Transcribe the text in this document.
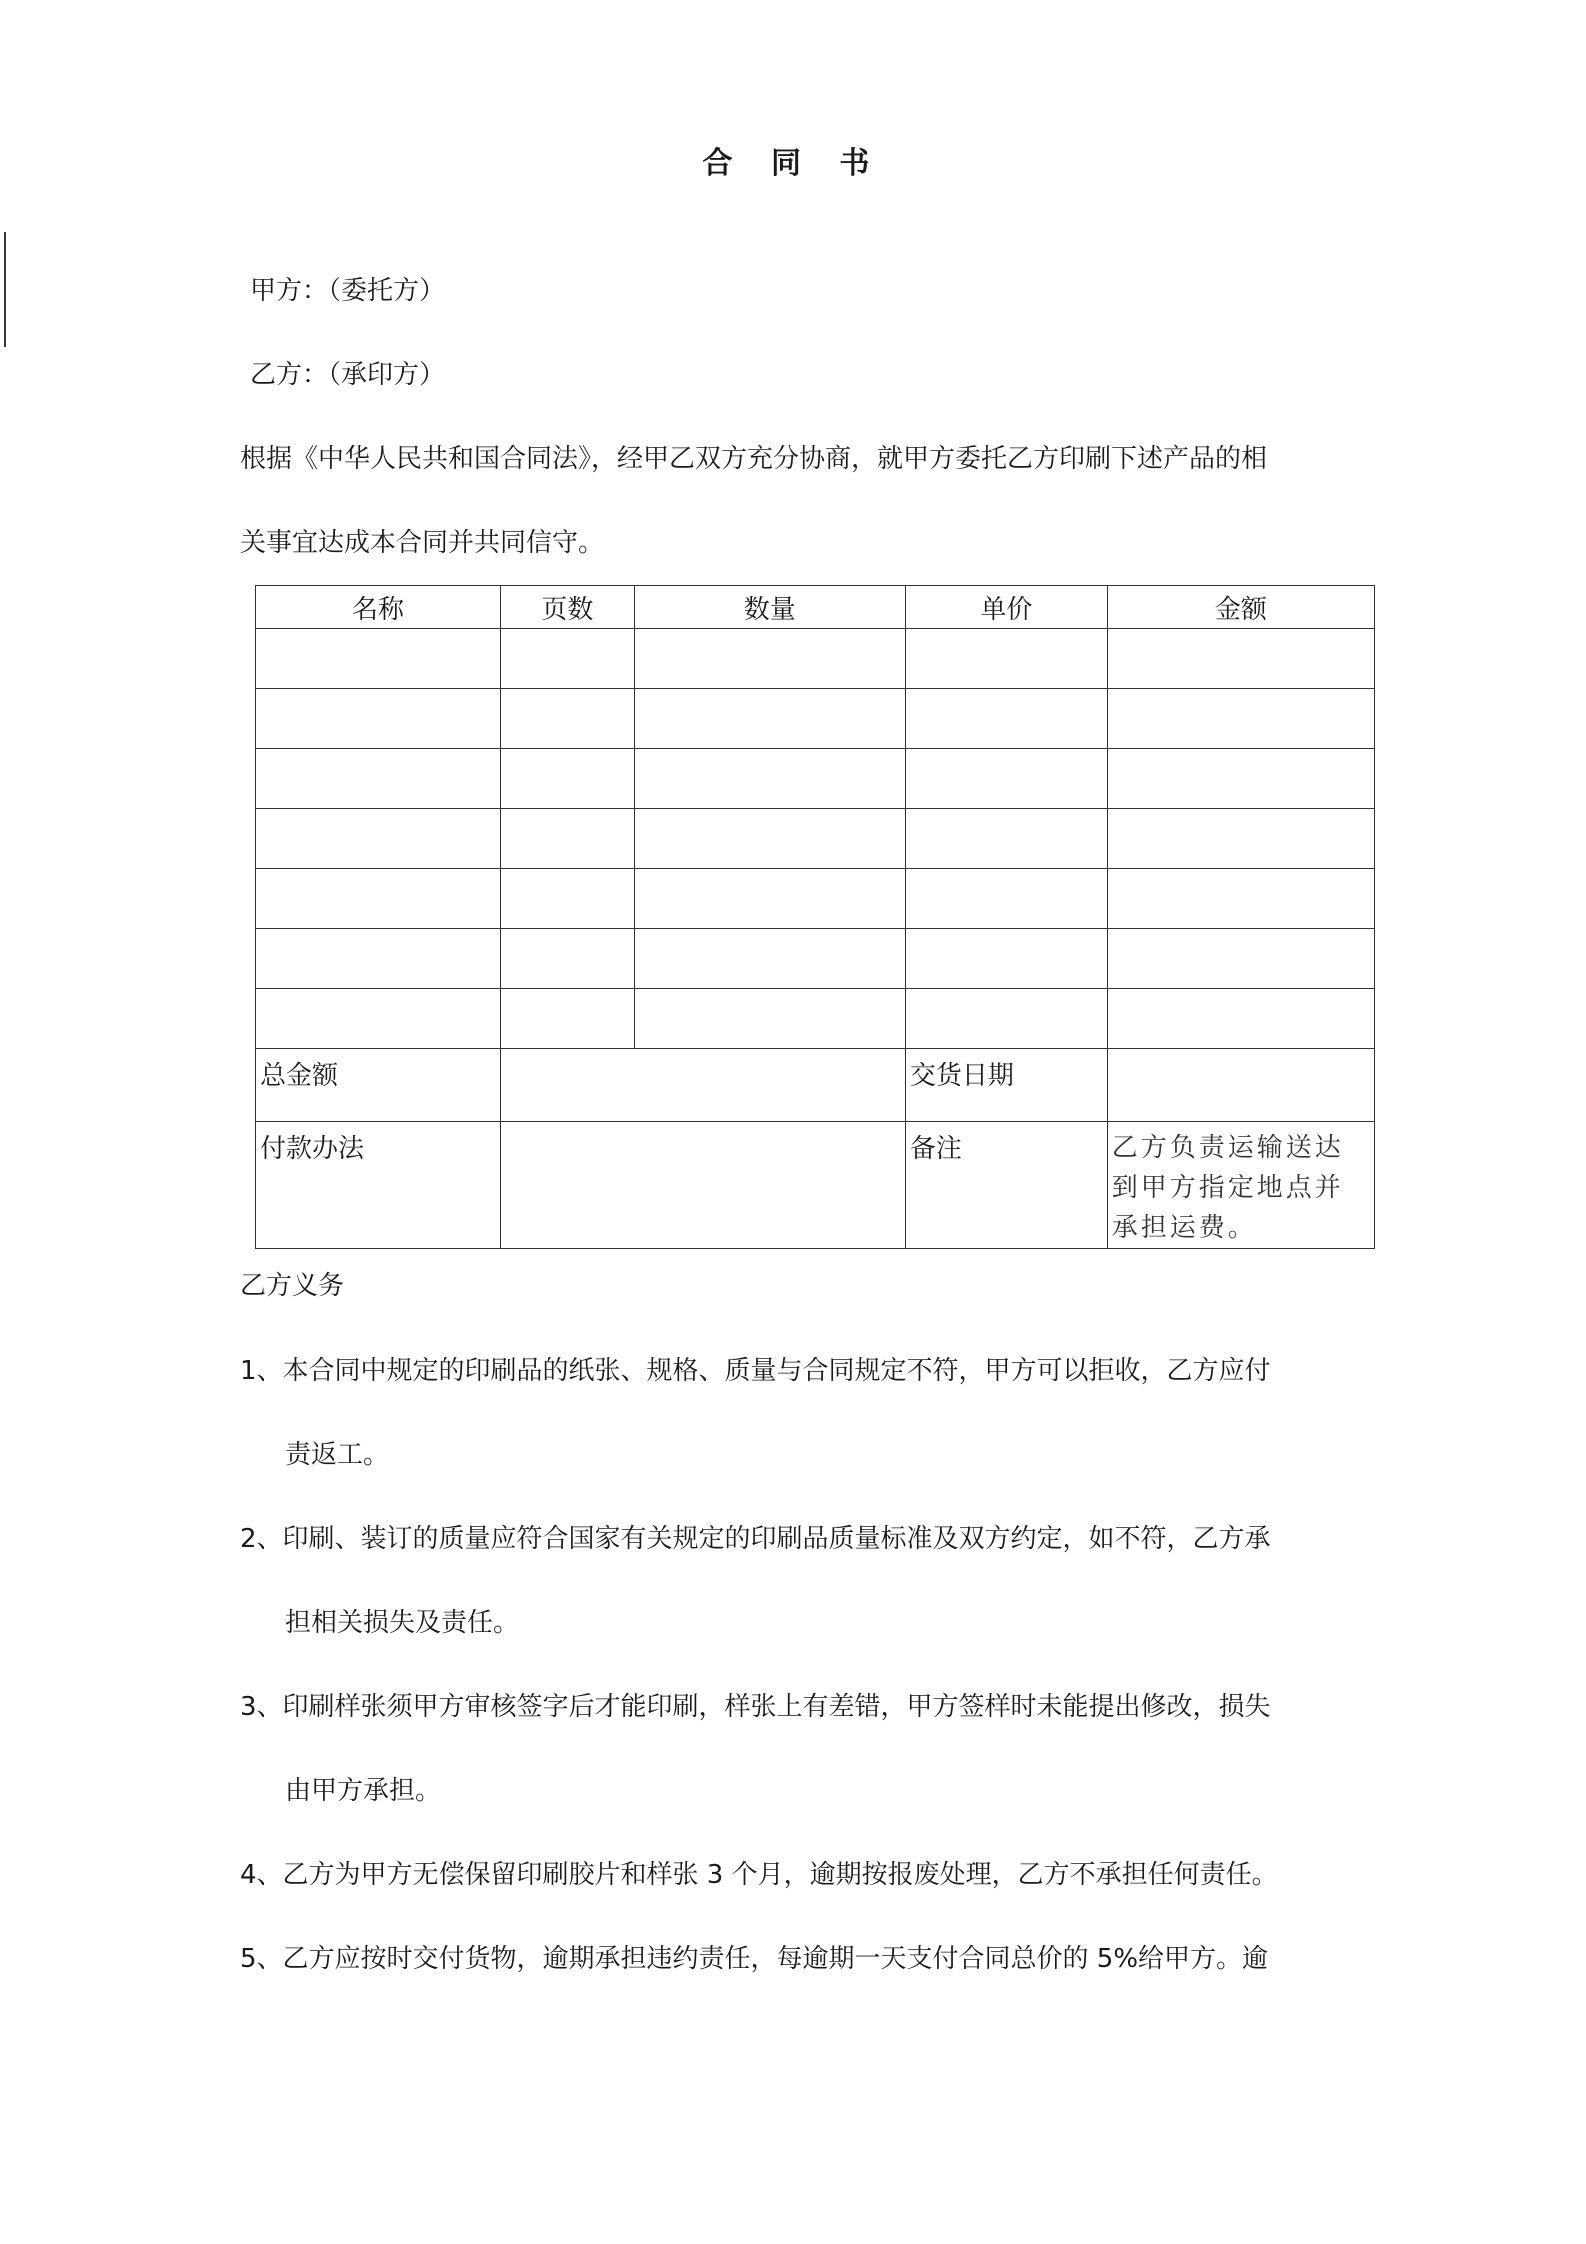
合 同 书
甲方：（委托方）
乙方：（承印方）
根据《中华人民共和国合同法》，经甲乙双方充分协商，就甲方委托乙方印刷下述产品的相
关事宜达成本合同并共同信守。
名称	页数	数量	单价	金额

总金额			交货日期	
付款办法			备注	乙方负责运输送达到甲方指定地点并承担运费。
乙方义务
1、本合同中规定的印刷品的纸张、规格、质量与合同规定不符，甲方可以拒收，乙方应付
责返工。
2、印刷、装订的质量应符合国家有关规定的印刷品质量标准及双方约定，如不符，乙方承
担相关损失及责任。
3、印刷样张须甲方审核签字后才能印刷，样张上有差错，甲方签样时未能提出修改，损失
由甲方承担。
4、乙方为甲方无偿保留印刷胶片和样张 3 个月，逾期按报废处理，乙方不承担任何责任。
5、乙方应按时交付货物，逾期承担违约责任，每逾期一天支付合同总价的 5%给甲方。逾
